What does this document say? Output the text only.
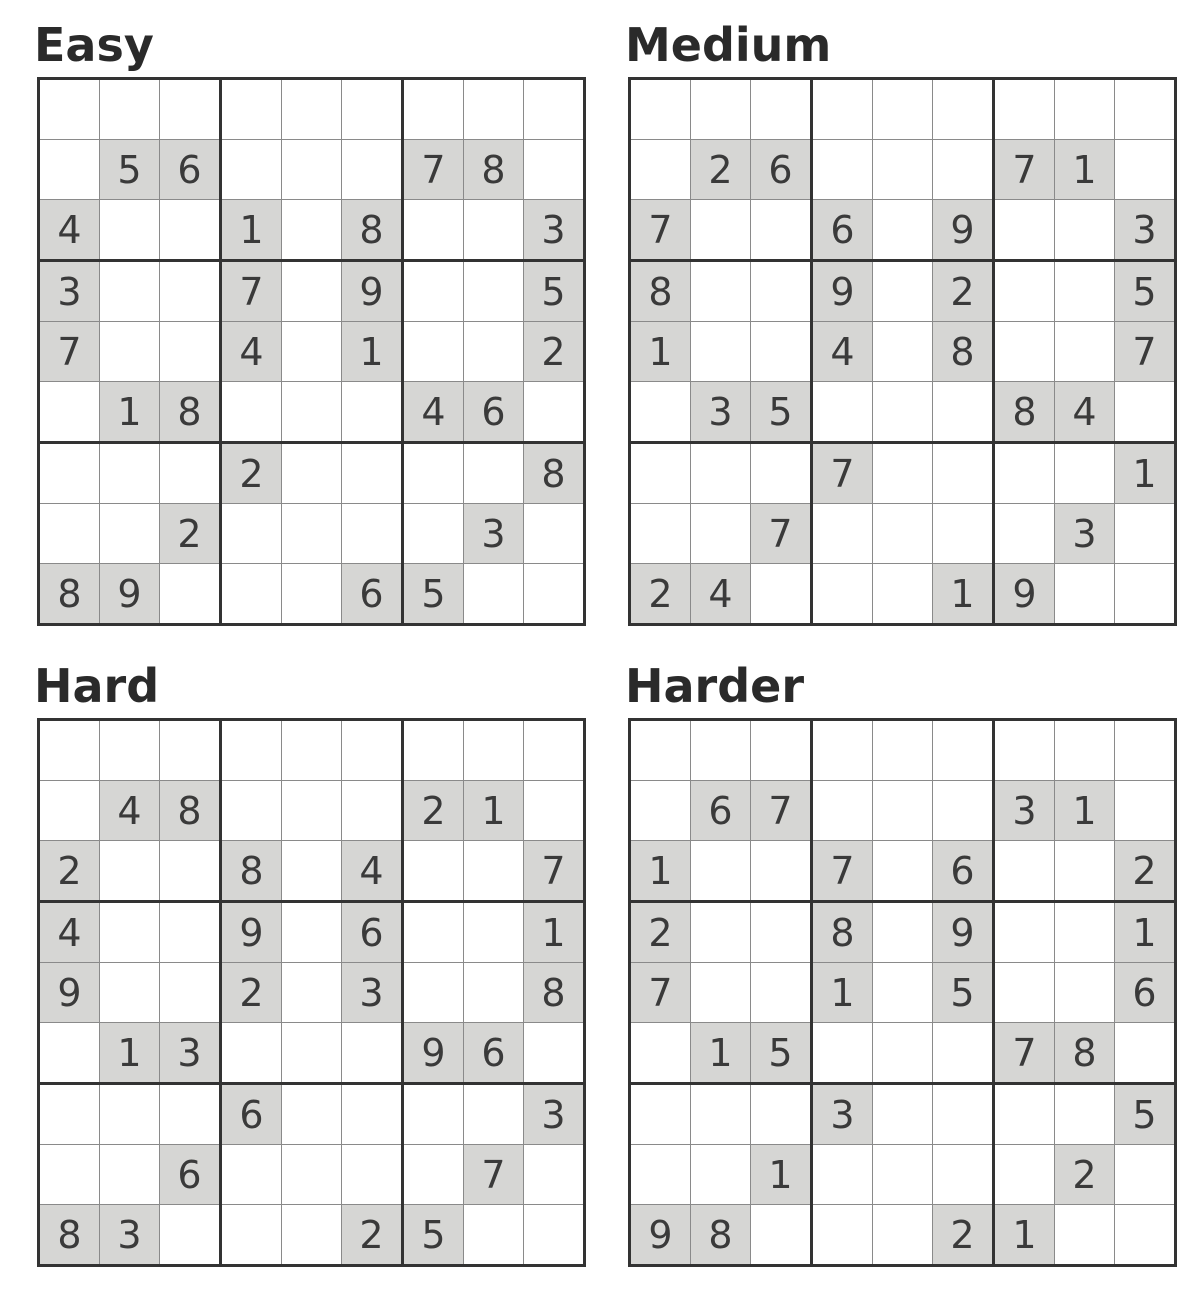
Easy

	5	6				7	8	
4			1		8			3
3			7		9			5
7			4		1			2
	1	8				4	6	
			2					8
		2					3	
8	9				6	5		
Medium

	2	6				7	1	
7			6		9			3
8			9		2			5
1			4		8			7
	3	5				8	4	
			7					1
		7					3	
2	4				1	9		
Hard

	4	8				2	1	
2			8		4			7
4			9		6			1
9			2		3			8
	1	3				9	6	
			6					3
		6					7	
8	3				2	5		
Harder

	6	7				3	1	
1			7		6			2
2			8		9			1
7			1		5			6
	1	5				7	8	
			3					5
		1					2	
9	8				2	1		
